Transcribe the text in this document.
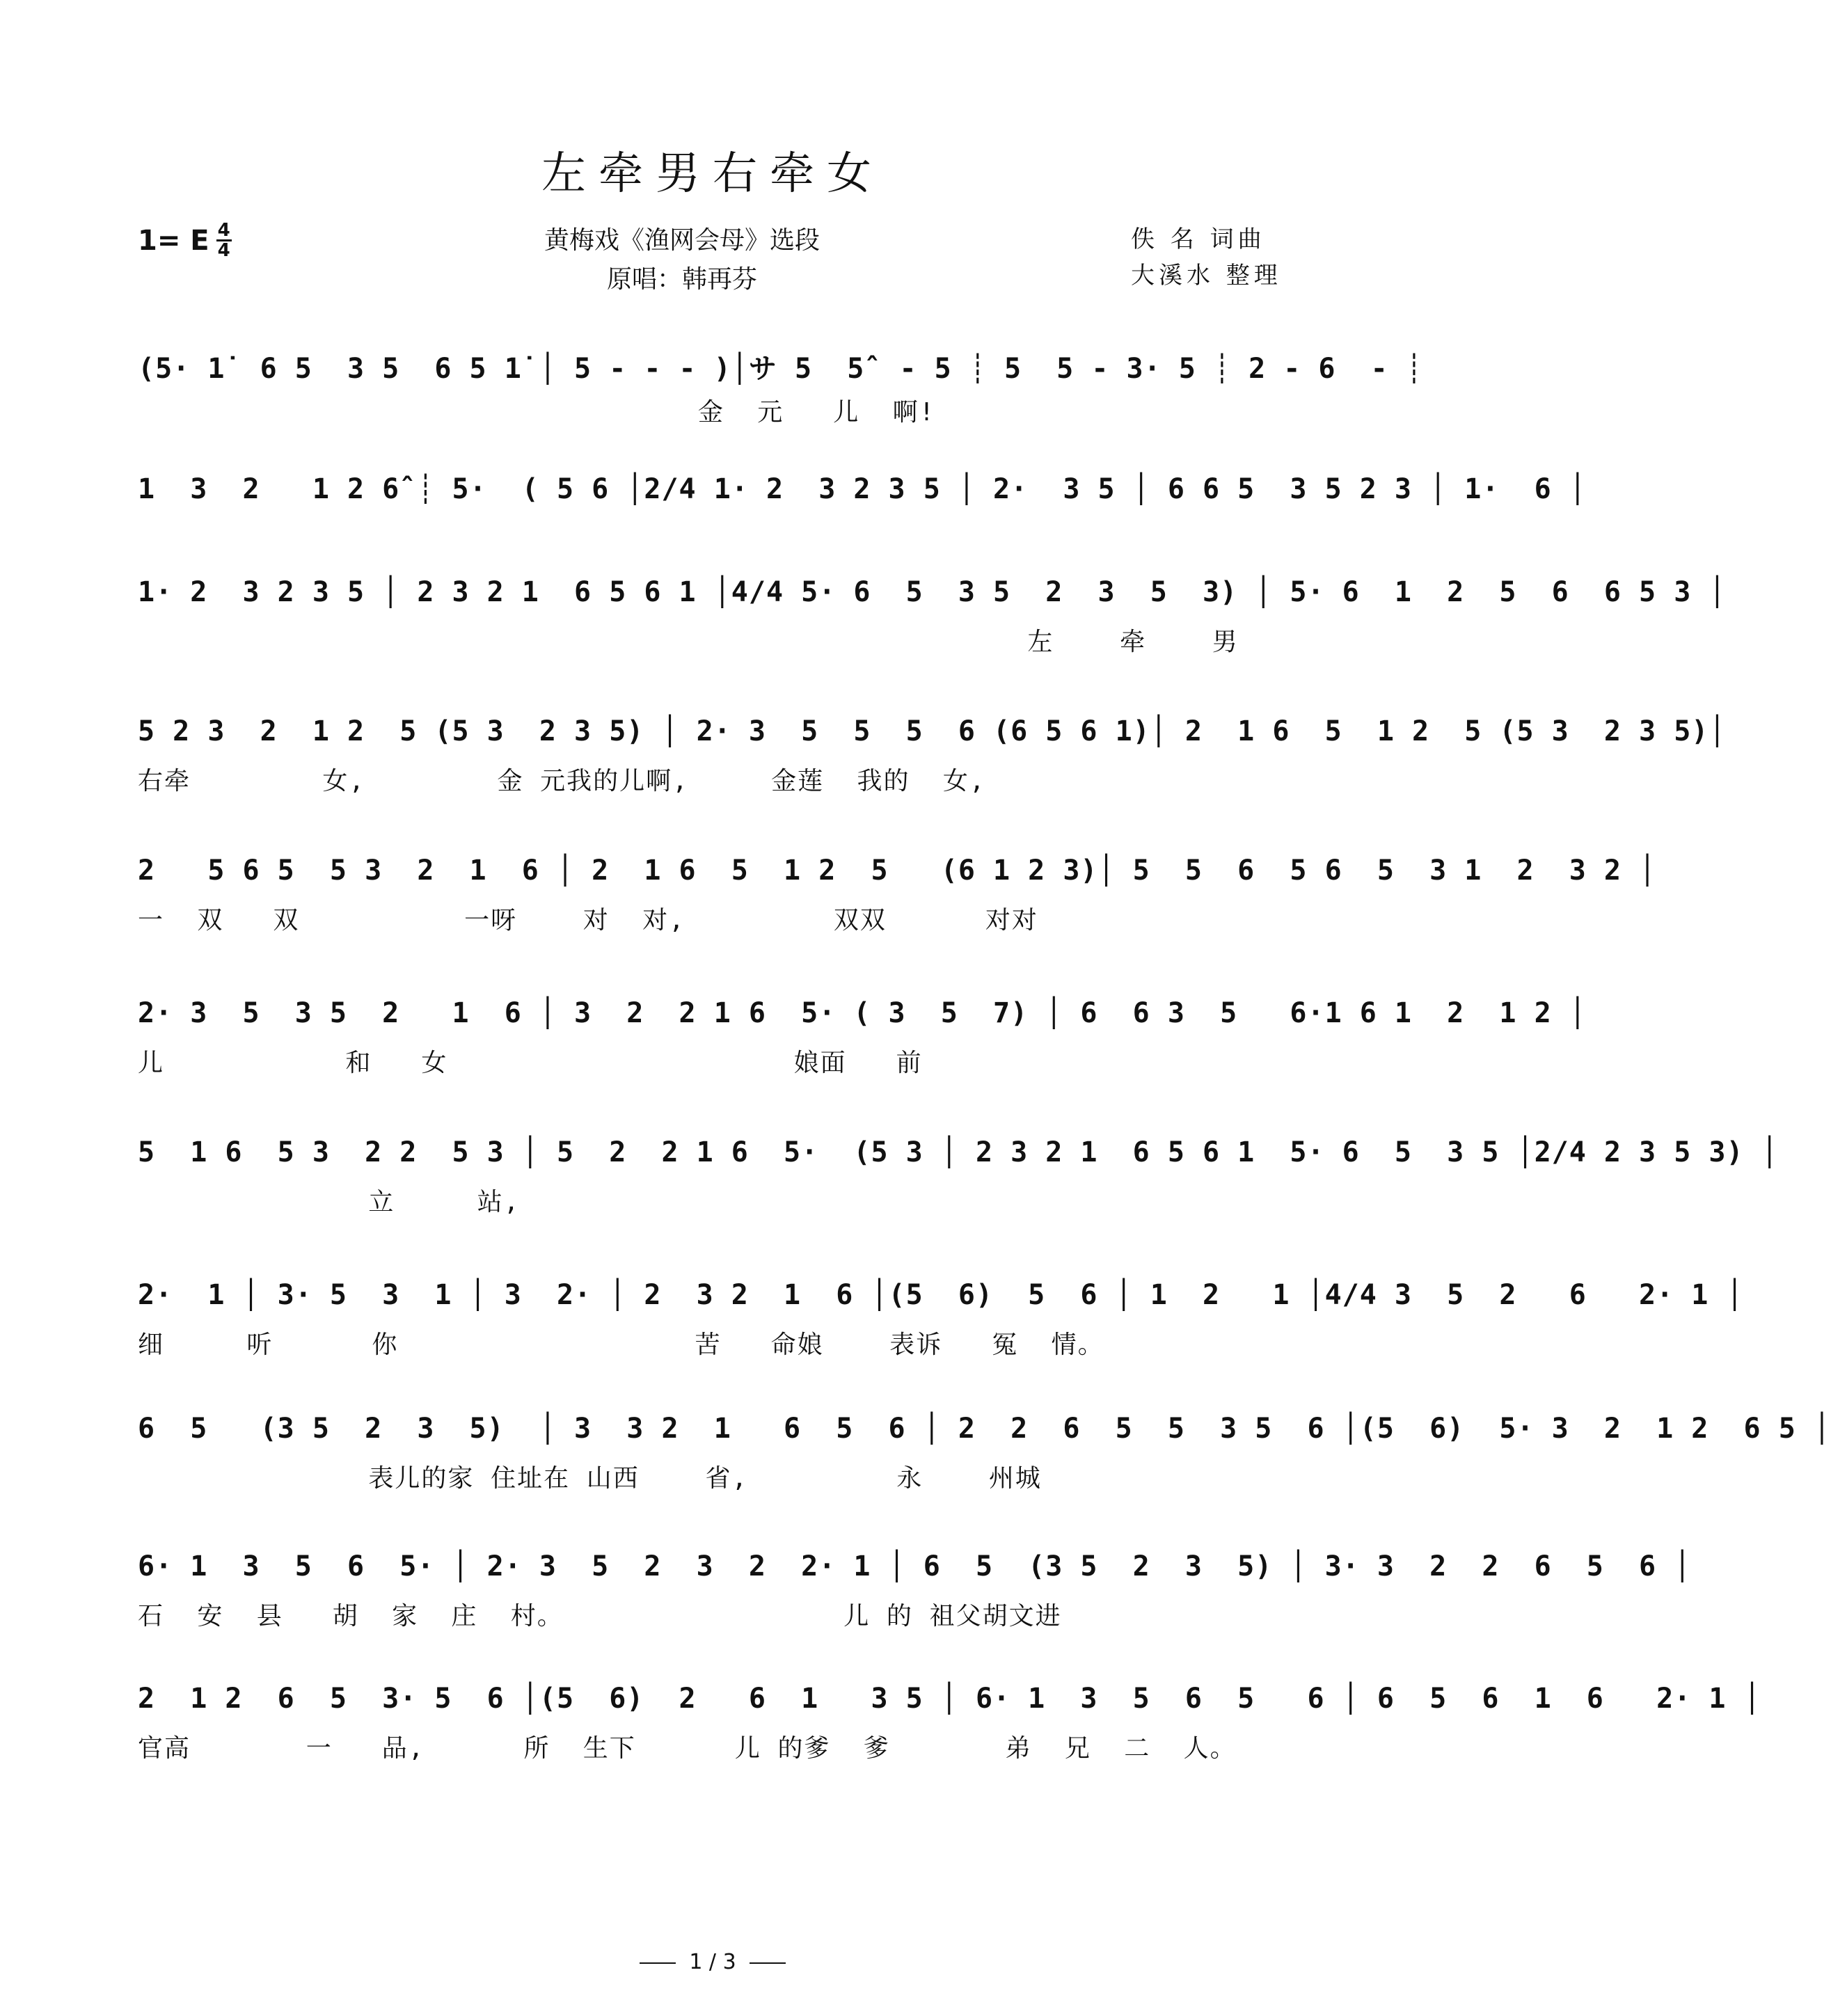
左牵男右牵女
1= E $\frac{4}{4}$	黄梅戏《渔网会母》选段
原唱：韩再芬
佚 名 词曲
大溪水 整理
(5· 1̇  6 5  3 5  6 5 1̇ │ 5 - - - )│サ 5  5̂  - 5 ┊ 5  5 - 3· 5 ┊ 2 - 6  - ┊
金  元   儿  啊!
1  3  2   1 2 6̂ ┊ 5·  ( 5 6 │2/4 1· 2  3 2 3 5 │ 2·  3 5 │ 6 6 5  3 5 2 3 │ 1·  6 │
1· 2  3 2 3 5 │ 2 3 2 1  6 5 6 1 │4/4 5· 6  5  3 5  2  3  5  3) │ 5· 6  1  2  5  6  6 5 3 │
左    牵    男
5 2 3  2  1 2  5 (5 3  2 3 5) │ 2· 3  5  5  5  6 (6 5 6 1)│ 2  1 6  5  1 2  5 (5 3  2 3 5)│
右牵        女,        金 元我的儿啊,     金莲  我的  女,
2   5 6 5  5 3  2  1  6 │ 2  1 6  5  1 2  5   (6 1 2 3)│ 5  5  6  5 6  5  3 1  2  3 2 │
一  双   双          一呀    对  对,         双双      对对
2· 3  5  3 5  2   1  6 │ 3  2  2 1 6  5· ( 3  5  7) │ 6  6 3  5   6·1 6 1  2  1 2 │
儿           和   女                     娘面   前
5  1 6  5 3  2 2  5 3 │ 5  2  2 1 6  5·  (5 3 │ 2 3 2 1  6 5 6 1  5· 6  5  3 5 │2/4 2 3 5 3) │
立     站,
2·  1 │ 3· 5  3  1 │ 3  2· │ 2  3 2  1  6 │(5  6)  5  6 │ 1  2   1 │4/4 3  5  2   6   2· 1 │
细     听      你                  苦   命娘    表诉   冤  情。
6  5   (3 5  2  3  5)  │ 3  3 2  1   6  5  6 │ 2  2  6  5  5  3 5  6 │(5  6)  5· 3  2  1 2  6 5 │
表儿的家 住址在 山西    省,         永    州城
6· 1  3  5  6  5· │ 2· 3  5  2  3  2  2· 1 │ 6  5  (3 5  2  3  5) │ 3· 3  2  2  6  5  6 │
石  安  县   胡  家  庄  村。                 儿 的 祖父胡文进
2  1 2  6  5  3· 5  6 │(5  6)  2   6  1   3 5 │ 6· 1  3  5  6  5   6 │ 6  5  6  1  6   2· 1 │
官高       一   品,      所  生下      儿 的爹  爹       弟  兄  二  人。
1 / 3
